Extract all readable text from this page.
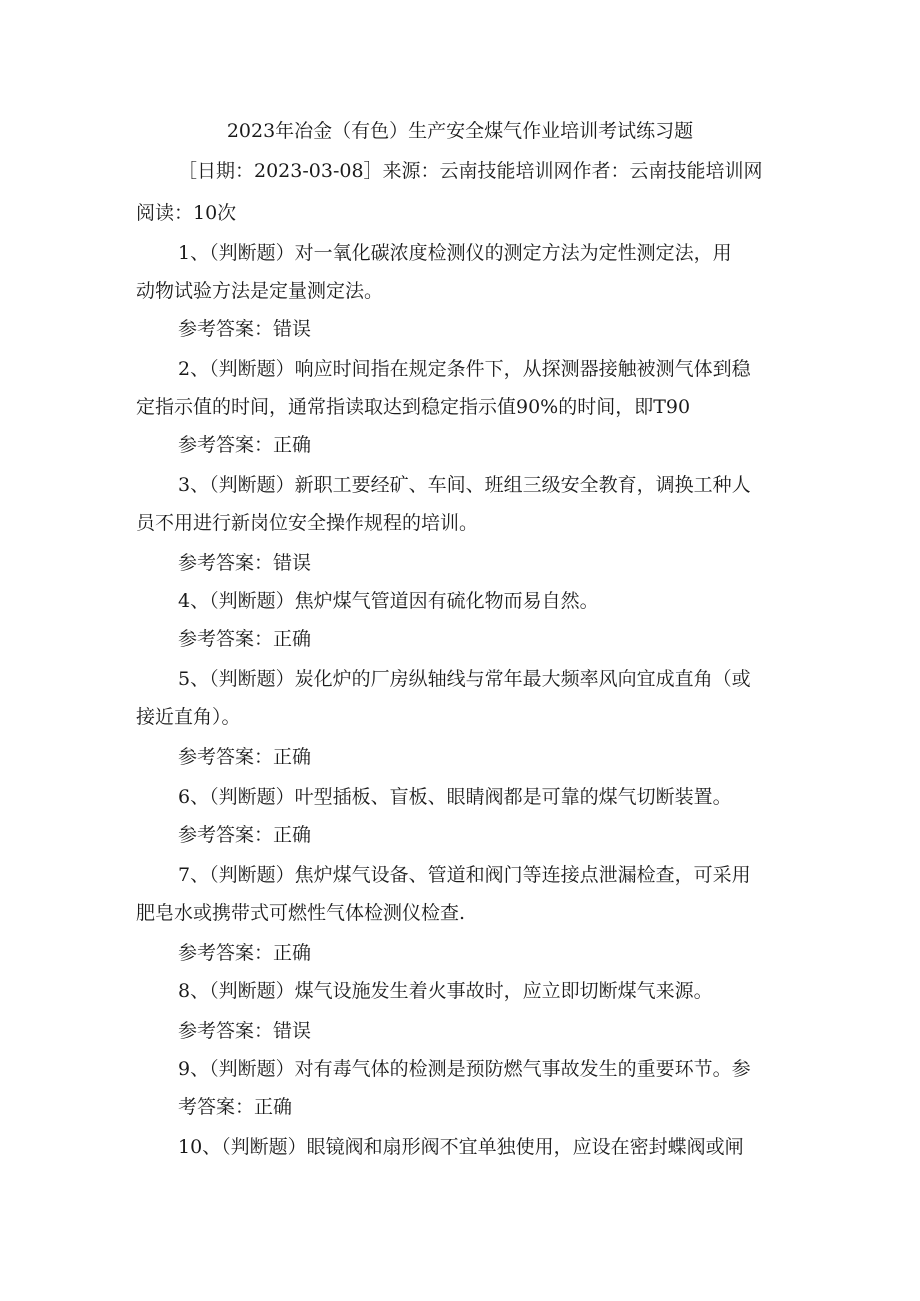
2023年冶金（有色）生产安全煤气作业培训考试练习题
［日期：2023-03-08］来源：云南技能培训网作者：云南技能培训网
阅读：10次
1、（判断题）对一氧化碳浓度检测仪的测定方法为定性测定法，用
动物试验方法是定量测定法。
参考答案：错误
2、（判断题）响应时间指在规定条件下，从探测器接触被测气体到稳
定指示值的时间，通常指读取达到稳定指示值90%的时间，即T90
参考答案：正确
3、（判断题）新职工要经矿、车间、班组三级安全教育，调换工种人
员不用进行新岗位安全操作规程的培训。
参考答案：错误
4、（判断题）焦炉煤气管道因有硫化物而易自然。
参考答案：正确
5、（判断题）炭化炉的厂房纵轴线与常年最大频率风向宜成直角（或
接近直角）。
参考答案：正确
6、（判断题）叶型插板、盲板、眼睛阀都是可靠的煤气切断装置。
参考答案：正确
7、（判断题）焦炉煤气设备、管道和阀门等连接点泄漏检查，可采用
肥皂水或携带式可燃性气体检测仪检查.
参考答案：正确
8、（判断题）煤气设施发生着火事故时，应立即切断煤气来源。
参考答案：错误
9、（判断题）对有毒气体的检测是预防燃气事故发生的重要环节。参
考答案：正确
10、（判断题）眼镜阀和扇形阀不宜单独使用，应设在密封蝶阀或闸
